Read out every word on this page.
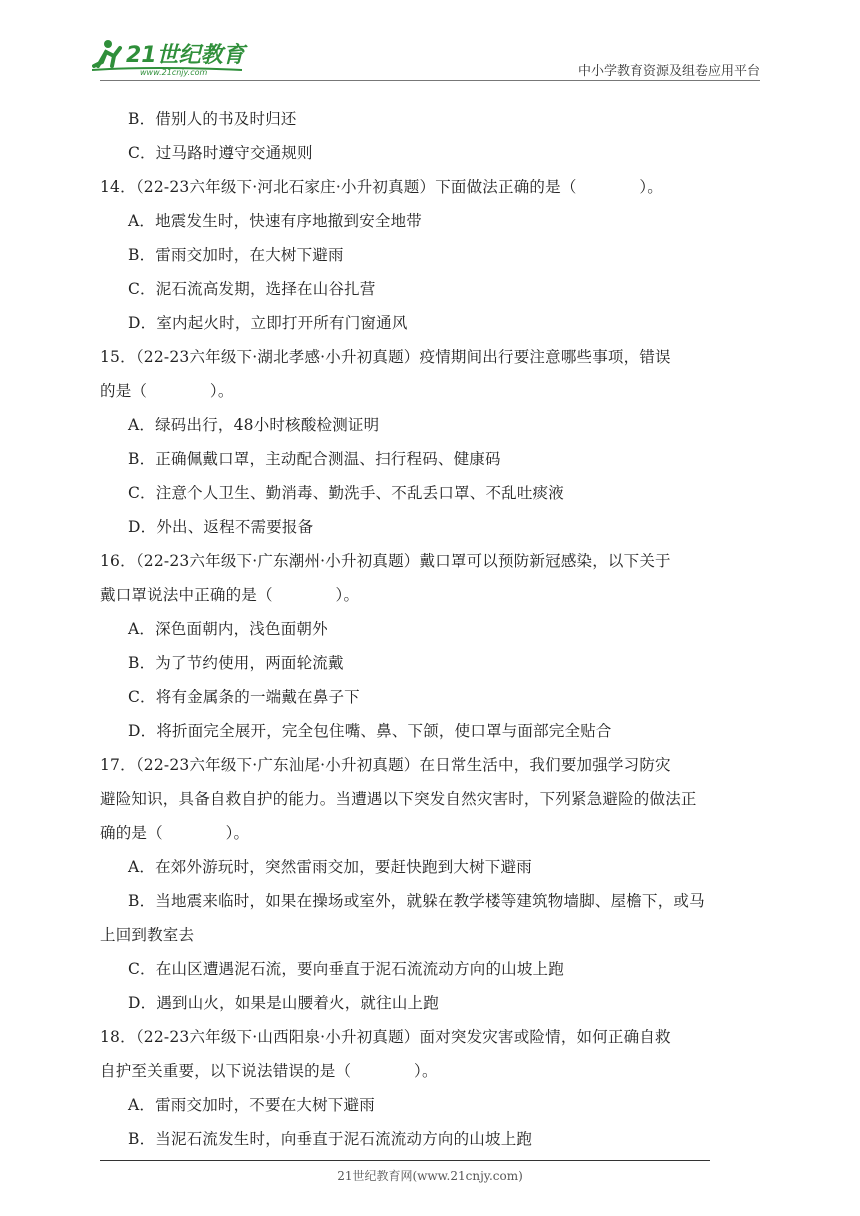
21世纪教育
www.21cnjy.com	中小学教育资源及组卷应用平台
B．借别人的书及时归还
C．过马路时遵守交通规则
14．（22-23六年级下·河北石家庄·小升初真题）下面做法正确的是（　　　　）。
A．地震发生时，快速有序地撤到安全地带
B．雷雨交加时，在大树下避雨
C．泥石流高发期，选择在山谷扎营
D．室内起火时，立即打开所有门窗通风
15．（22-23六年级下·湖北孝感·小升初真题）疫情期间出行要注意哪些事项，错误
的是（　　　　）。
A．绿码出行，48小时核酸检测证明
B．正确佩戴口罩，主动配合测温、扫行程码、健康码
C．注意个人卫生、勤消毒、勤洗手、不乱丢口罩、不乱吐痰液
D．外出、返程不需要报备
16．（22-23六年级下·广东潮州·小升初真题）戴口罩可以预防新冠感染，以下关于
戴口罩说法中正确的是（　　　　）。
A．深色面朝内，浅色面朝外
B．为了节约使用，两面轮流戴
C．将有金属条的一端戴在鼻子下
D．将折面完全展开，完全包住嘴、鼻、下颌，使口罩与面部完全贴合
17．（22-23六年级下·广东汕尾·小升初真题）在日常生活中，我们要加强学习防灾
避险知识，具备自救自护的能力。当遭遇以下突发自然灾害时，下列紧急避险的做法正
确的是（　　　　）。
A．在郊外游玩时，突然雷雨交加，要赶快跑到大树下避雨
B．当地震来临时，如果在操场或室外，就躲在教学楼等建筑物墙脚、屋檐下，或马
上回到教室去
C．在山区遭遇泥石流，要向垂直于泥石流流动方向的山坡上跑
D．遇到山火，如果是山腰着火，就往山上跑
18．（22-23六年级下·山西阳泉·小升初真题）面对突发灾害或险情，如何正确自救
自护至关重要，以下说法错误的是（　　　　）。
A．雷雨交加时，不要在大树下避雨
B．当泥石流发生时，向垂直于泥石流流动方向的山坡上跑
21世纪教育网(www.21cnjy.com)
